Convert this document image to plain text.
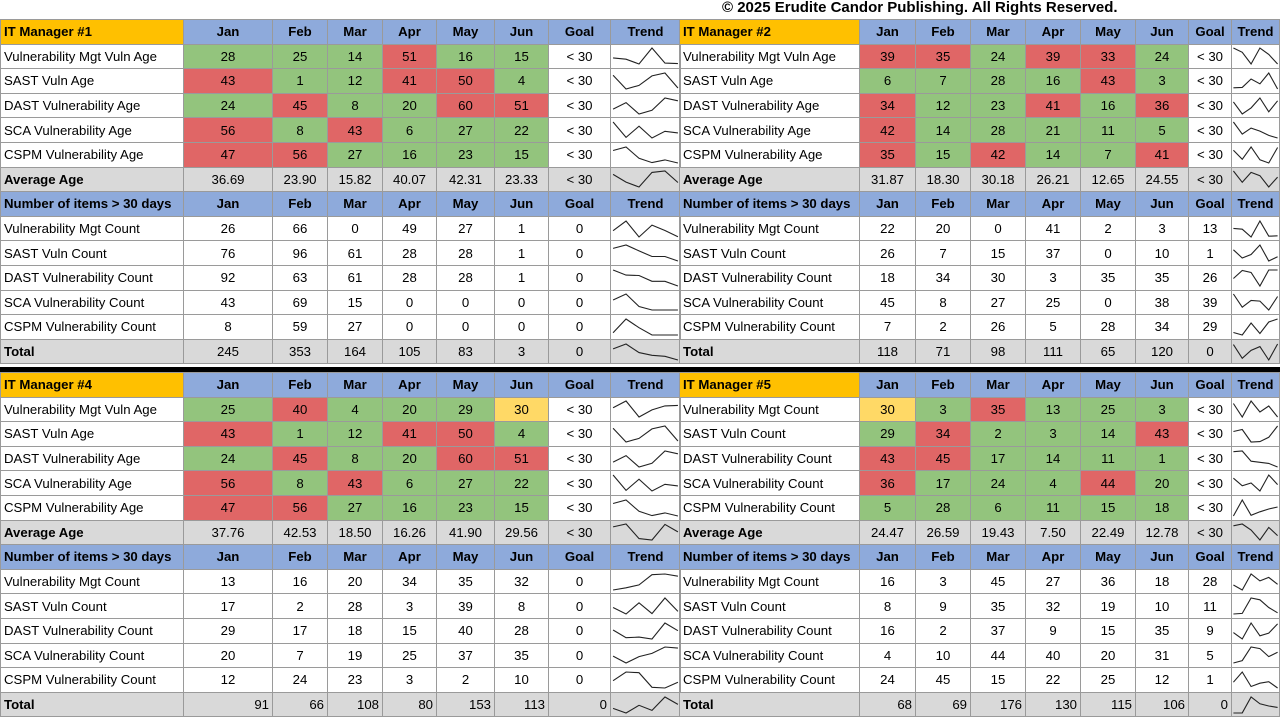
© 2025 Erudite Candor Publishing. All Rights Reserved.
IT Manager #1	Jan	Feb	Mar	Apr	May	Jun	Goal	Trend
Vulnerability Mgt Vuln Age	28	25	14	51	16	15	< 30	

SAST Vuln Age	43	1	12	41	50	4	< 30	

DAST Vulnerability Age	24	45	8	20	60	51	< 30	

SCA Vulnerability Age	56	8	43	6	27	22	< 30	

CSPM Vulnerability Age	47	56	27	16	23	15	< 30	

Average Age	36.69	23.90	15.82	40.07	42.31	23.33	< 30	

Number of items > 30 days	Jan	Feb	Mar	Apr	May	Jun	Goal	Trend
Vulnerability Mgt Count	26	66	0	49	27	1	0	

SAST Vuln Count	76	96	61	28	28	1	0	

DAST Vulnerability Count	92	63	61	28	28	1	0	

SCA Vulnerability Count	43	69	15	0	0	0	0	

CSPM Vulnerability Count	8	59	27	0	0	0	0	

Total	245	353	164	105	83	3	0	
IT Manager #2	Jan	Feb	Mar	Apr	May	Jun	Goal	Trend
Vulnerability Mgt Vuln Age	39	35	24	39	33	24	< 30	

SAST Vuln Age	6	7	28	16	43	3	< 30	

DAST Vulnerability Age	34	12	23	41	16	36	< 30	

SCA Vulnerability Age	42	14	28	21	11	5	< 30	

CSPM Vulnerability Age	35	15	42	14	7	41	< 30	

Average Age	31.87	18.30	30.18	26.21	12.65	24.55	< 30	

Number of items > 30 days	Jan	Feb	Mar	Apr	May	Jun	Goal	Trend
Vulnerability Mgt Count	22	20	0	41	2	3	13	

SAST Vuln Count	26	7	15	37	0	10	1	

DAST Vulnerability Count	18	34	30	3	35	35	26	

SCA Vulnerability Count	45	8	27	25	0	38	39	

CSPM Vulnerability Count	7	2	26	5	28	34	29	

Total	118	71	98	111	65	120	0	
IT Manager #4	Jan	Feb	Mar	Apr	May	Jun	Goal	Trend
Vulnerability Mgt Vuln Age	25	40	4	20	29	30	< 30	

SAST Vuln Age	43	1	12	41	50	4	< 30	

DAST Vulnerability Age	24	45	8	20	60	51	< 30	

SCA Vulnerability Age	56	8	43	6	27	22	< 30	

CSPM Vulnerability Age	47	56	27	16	23	15	< 30	

Average Age	37.76	42.53	18.50	16.26	41.90	29.56	< 30	

Number of items > 30 days	Jan	Feb	Mar	Apr	May	Jun	Goal	Trend
Vulnerability Mgt Count	13	16	20	34	35	32	0	

SAST Vuln Count	17	2	28	3	39	8	0	

DAST Vulnerability Count	29	17	18	15	40	28	0	

SCA Vulnerability Count	20	7	19	25	37	35	0	

CSPM Vulnerability Count	12	24	23	3	2	10	0	

Total	91	66	108	80	153	113	0	
IT Manager #5	Jan	Feb	Mar	Apr	May	Jun	Goal	Trend
Vulnerability Mgt Count	30	3	35	13	25	3	< 30	

SAST Vuln Count	29	34	2	3	14	43	< 30	

DAST Vulnerability Count	43	45	17	14	11	1	< 30	

SCA Vulnerability Count	36	17	24	4	44	20	< 30	

CSPM Vulnerability Count	5	28	6	11	15	18	< 30	

Average Age	24.47	26.59	19.43	7.50	22.49	12.78	< 30	

Number of items > 30 days	Jan	Feb	Mar	Apr	May	Jun	Goal	Trend
Vulnerability Mgt Count	16	3	45	27	36	18	28	

SAST Vuln Count	8	9	35	32	19	10	11	

DAST Vulnerability Count	16	2	37	9	15	35	9	

SCA Vulnerability Count	4	10	44	40	20	31	5	

CSPM Vulnerability Count	24	45	15	22	25	12	1	

Total	68	69	176	130	115	106	0	
